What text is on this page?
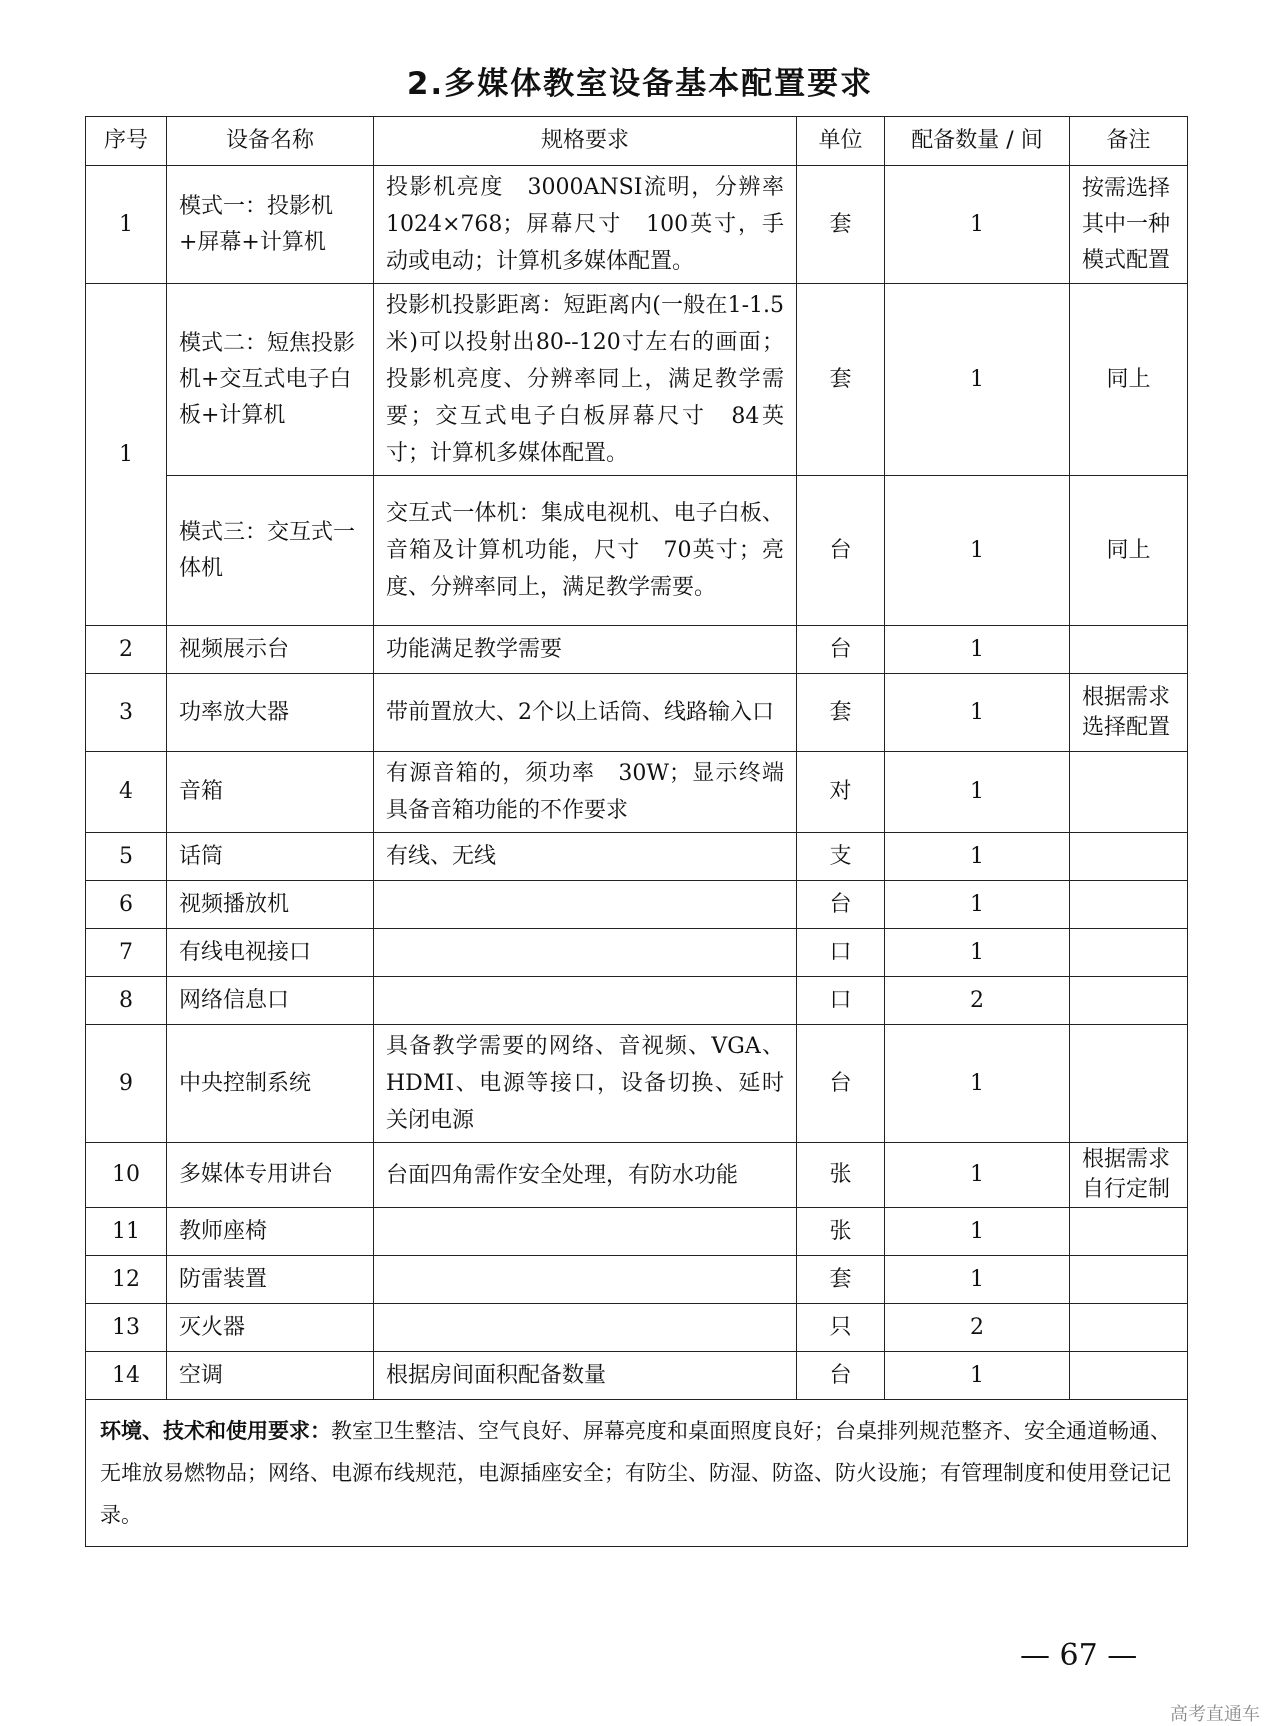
2.多媒体教室设备基本配置要求
序号	设备名称	规格要求	单位	配备数量 / 间	备注
1	模式一：投影机+屏幕+计算机	投影机亮度　3000ANSI流明，分辨率　1024×768；屏幕尺寸　100英寸，手动或电动；计算机多媒体配置。	套	1	按需选择其中一种模式配置
1	模式二：短焦投影机+交互式电子白板+计算机	投影机投影距离：短距离内(一般在1-1.5米)可以投射出80--120寸左右的画面；投影机亮度、分辨率同上，满足教学需要；交互式电子白板屏幕尺寸　84英寸；计算机多媒体配置。	套	1	同上
	模式三：交互式一体机	交互式一体机：集成电视机、电子白板、音箱及计算机功能，尺寸　70英寸；亮度、分辨率同上，满足教学需要。	台	1	同上
2	视频展示台	功能满足教学需要	台	1	
3	功率放大器	带前置放大、2个以上话筒、线路输入口	套	1	根据需求选择配置
4	音箱	有源音箱的，须功率　30W；显示终端具备音箱功能的不作要求	对	1	
5	话筒	有线、无线	支	1	
6	视频播放机		台	1	
7	有线电视接口		口	1	
8	网络信息口		口	2	
9	中央控制系统	具备教学需要的网络、音视频、VGA、HDMI、电源等接口，设备切换、延时关闭电源	台	1	
10	多媒体专用讲台	台面四角需作安全处理，有防水功能	张	1	根据需求自行定制
11	教师座椅		张	1	
12	防雷装置		套	1	
13	灭火器		只	2	
14	空调	根据房间面积配备数量	台	1	
环境、技术和使用要求：教室卫生整洁、空气良好、屏幕亮度和桌面照度良好；台桌排列规范整齐、安全通道畅通、无堆放易燃物品；网络、电源布线规范，电源插座安全；有防尘、防湿、防盗、防火设施；有管理制度和使用登记记录。					
— 67 —
高考直通车
